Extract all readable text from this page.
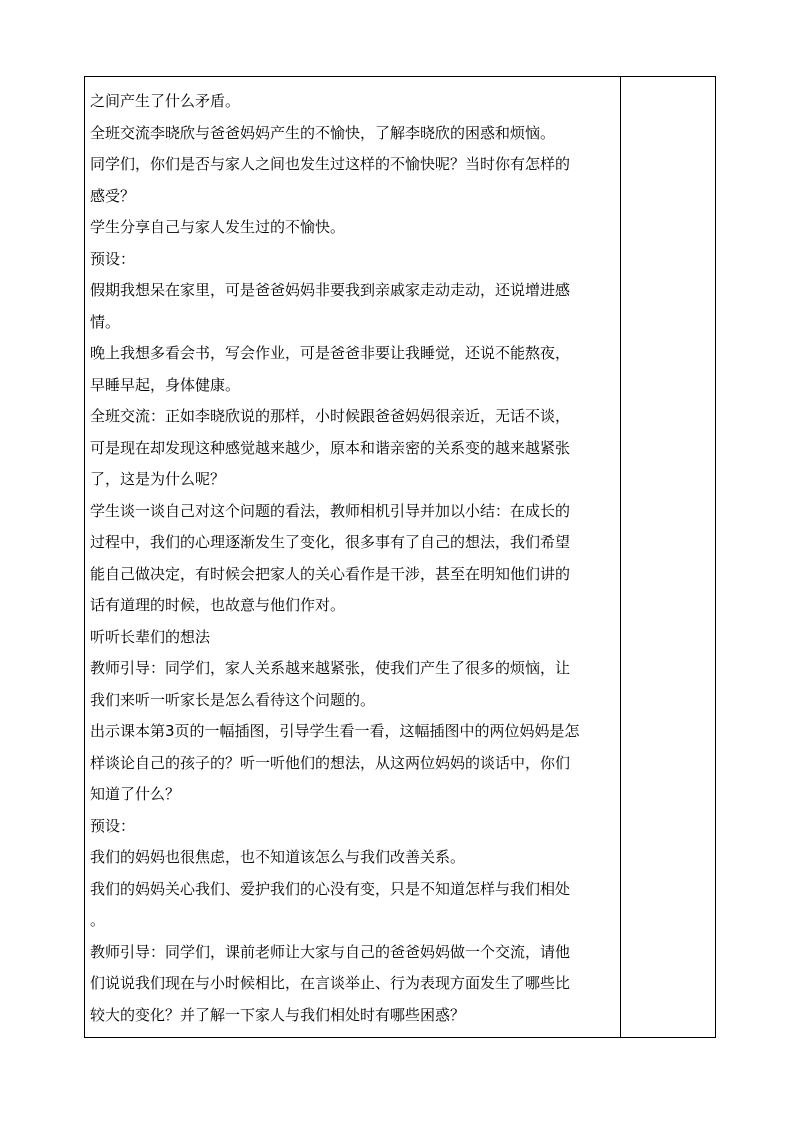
之间产生了什么矛盾。
全班交流李晓欣与爸爸妈妈产生的不愉快，了解李晓欣的困惑和烦恼。
同学们，你们是否与家人之间也发生过这样的不愉快呢？当时你有怎样的
感受？
学生分享自己与家人发生过的不愉快。
预设：
假期我想呆在家里，可是爸爸妈妈非要我到亲戚家走动走动，还说增进感
情。
晚上我想多看会书，写会作业，可是爸爸非要让我睡觉，还说不能熬夜，
早睡早起，身体健康。
全班交流：正如李晓欣说的那样，小时候跟爸爸妈妈很亲近，无话不谈，
可是现在却发现这种感觉越来越少，原本和谐亲密的关系变的越来越紧张
了，这是为什么呢？
学生谈一谈自己对这个问题的看法，教师相机引导并加以小结：在成长的
过程中，我们的心理逐渐发生了变化，很多事有了自己的想法，我们希望
能自己做决定，有时候会把家人的关心看作是干涉，甚至在明知他们讲的
话有道理的时候，也故意与他们作对。
听听长辈们的想法
教师引导：同学们，家人关系越来越紧张，使我们产生了很多的烦恼，让
我们来听一听家长是怎么看待这个问题的。
出示课本第3页的一幅插图，引导学生看一看，这幅插图中的两位妈妈是怎
样谈论自己的孩子的？听一听他们的想法，从这两位妈妈的谈话中，你们
知道了什么？
预设：
我们的妈妈也很焦虑，也不知道该怎么与我们改善关系。
我们的妈妈关心我们、爱护我们的心没有变，只是不知道怎样与我们相处
。
教师引导：同学们，课前老师让大家与自己的爸爸妈妈做一个交流，请他
们说说我们现在与小时候相比，在言谈举止、行为表现方面发生了哪些比
较大的变化？并了解一下家人与我们相处时有哪些困惑？
